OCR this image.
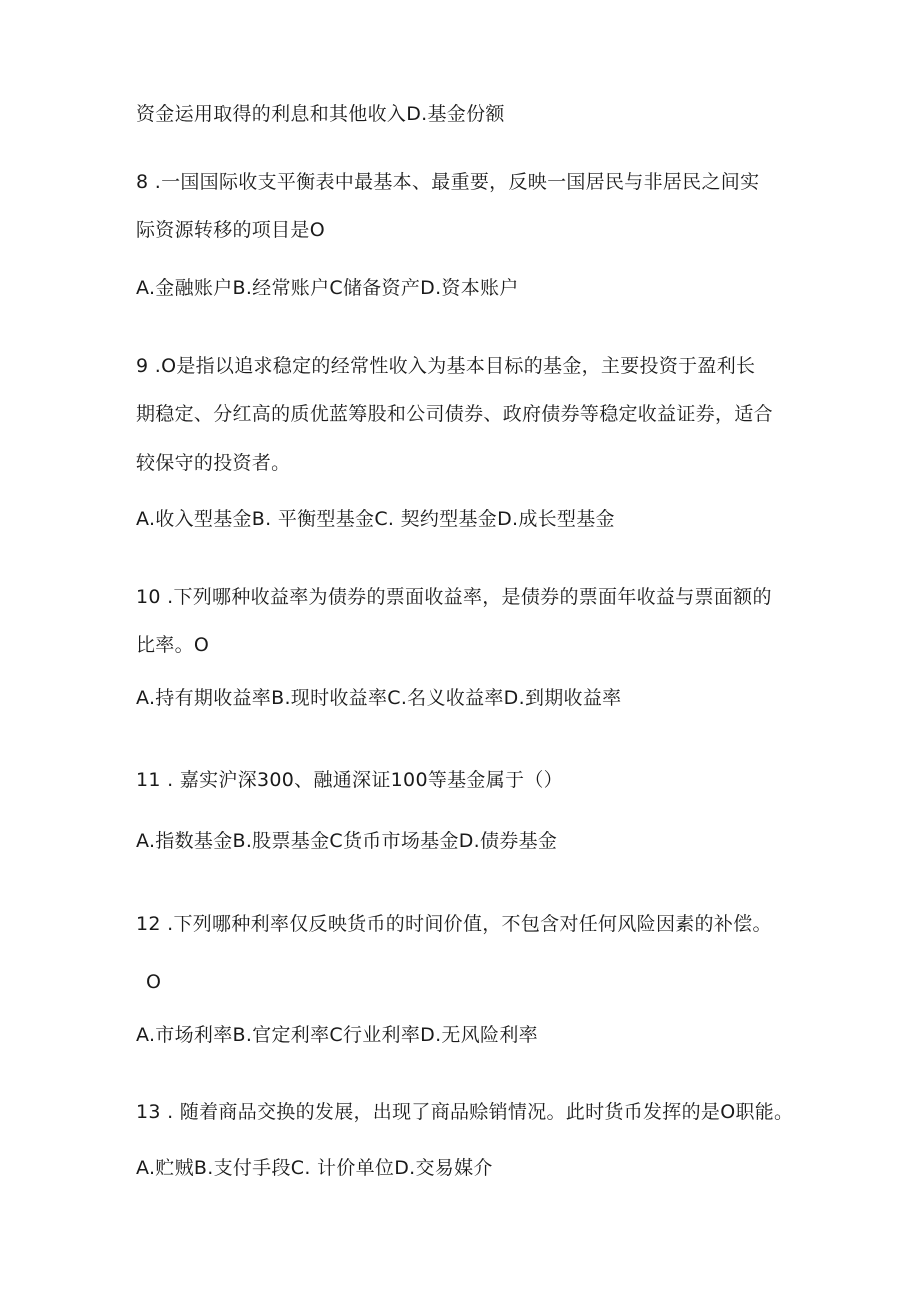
资金运用取得的利息和其他收入D.基金份额
8 .一国国际收支平衡表中最基本、最重要，反映一国居民与非居民之间实
际资源转移的项目是O
A.金融账户B.经常账户C储备资产D.资本账户
9 .O是指以追求稳定的经常性收入为基本目标的基金，主要投资于盈利长
期稳定、分红高的质优蓝筹股和公司债券、政府债券等稳定收益证券，适合
较保守的投资者。
A.收入型基金B. 平衡型基金C. 契约型基金D.成长型基金
10 .下列哪种收益率为债券的票面收益率，是债券的票面年收益与票面额的
比率。O
A.持有期收益率B.现时收益率C.名义收益率D.到期收益率
11 . 嘉实沪深300、融通深证100等基金属于（）
A.指数基金B.股票基金C货币市场基金D.债券基金
12 .下列哪种利率仅反映货币的时间价值，不包含对任何风险因素的补偿。
O
A.市场利率B.官定利率C行业利率D.无风险利率
13 . 随着商品交换的发展，出现了商品赊销情况。此时货币发挥的是O职能。
A.贮贼B.支付手段C. 计价单位D.交易媒介
